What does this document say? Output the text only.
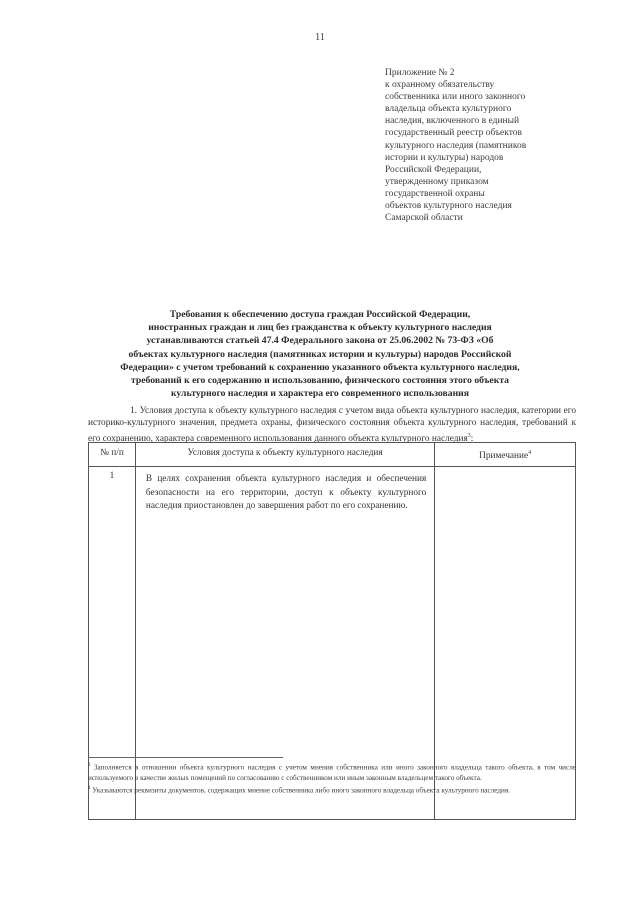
11
Приложение № 2
к охранному обязательству
собственника или иного законного
владельца объекта культурного
наследия, включенного в единый
государственный реестр объектов
культурного наследия (памятников
истории и культуры) народов
Российской Федерации,
утвержденному приказом
государственной охраны
объектов культурного наследия
Самарской области
Требования к обеспечению доступа граждан Российской Федерации,
иностранных граждан и лиц без гражданства к объекту культурного наследия
устанавливаются статьей 47.4 Федерального закона от 25.06.2002 № 73-ФЗ «Об
объектах культурного наследия (памятниках истории и культуры) народов Российской
Федерации» с учетом требований к сохранению указанного объекта культурного наследия,
требований к его содержанию и использованию, физического состояния этого объекта
культурного наследия и характера его современного использования
1. Условия доступа к объекту культурного наследия с учетом вида объекта культурного наследия, категории его историко-культурного значения, предмета охраны, физического состояния объекта культурного наследия, требований к его сохранению, характера современного использования данного объекта культурного наследия$^3$:
№ п/п	Условия доступа к объекту культурного наследия	Примечание$^4$
1	В целях сохранения объекта культурного наследия и обеспечения безопасности на его территории, доступ к объекту культурного наследия приостановлен до завершения работ по его сохранению.	

$^3$ Заполняется в отношении объекта культурного наследия с учетом мнения собственника или иного законного владельца такого объекта, в том числе используемого в качестве жилых помещений по согласованию с собственником или иным законным владельцем такого объекта.

$^4$ Указываются реквизиты документов, содержащих мнение собственника либо иного законного владельца объекта культурного наследия.
